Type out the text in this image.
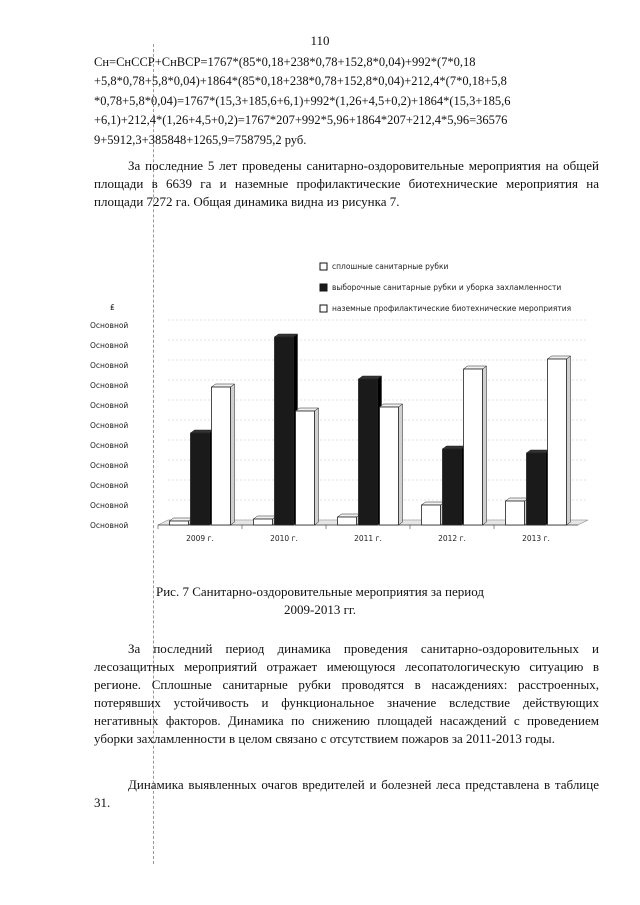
110
Сн=СнССР+СнВСР=1767*(85*0,18+238*0,78+152,8*0,04)+992*(7*0,18
+5,8*0,78+5,8*0,04)+1864*(85*0,18+238*0,78+152,8*0,04)+212,4*(7*0,18+5,8
*0,78+5,8*0,04)=1767*(15,3+185,6+6,1)+992*(1,26+4,5+0,2)+1864*(15,3+185,6
+6,1)+212,4*(1,26+4,5+0,2)=1767*207+992*5,96+1864*207+212,4*5,96=36576
9+5912,3+385848+1265,9=758795,2 руб.
За последние 5 лет проведены санитарно-оздоровительные мероприятия на общей площади в 6639 га и наземные профилактические биотехнические мероприятия на площади 7272 га. Общая динамика видна из рисунка 7.
сплошные санитарные рубки
выборочные санитарные рубки и уборка захламленности
наземные профилактические биотехнические мероприятия
₤
Основной
Основной
Основной
Основной
Основной
Основной
Основной
Основной
Основной
Основной
Основной
2009 г.	2010 г.	2011 г.	2012 г.	2013 г.
Рис. 7 Санитарно-оздоровительные мероприятия за период
2009-2013 гг.
За последний период динамика проведения санитарно-оздоровительных и лесозащитных мероприятий отражает имеющуюся лесопатологическую ситуацию в регионе. Сплошные санитарные рубки проводятся в насаждениях: расстроенных, потерявших устойчивость и функциональное значение вследствие действующих негативных факторов. Динамика по снижению площадей насаждений с проведением уборки захламленности в целом связано с отсутствием пожаров за 2011-2013 годы.
Динамика выявленных очагов вредителей и болезней леса представлена в таблице 31.
